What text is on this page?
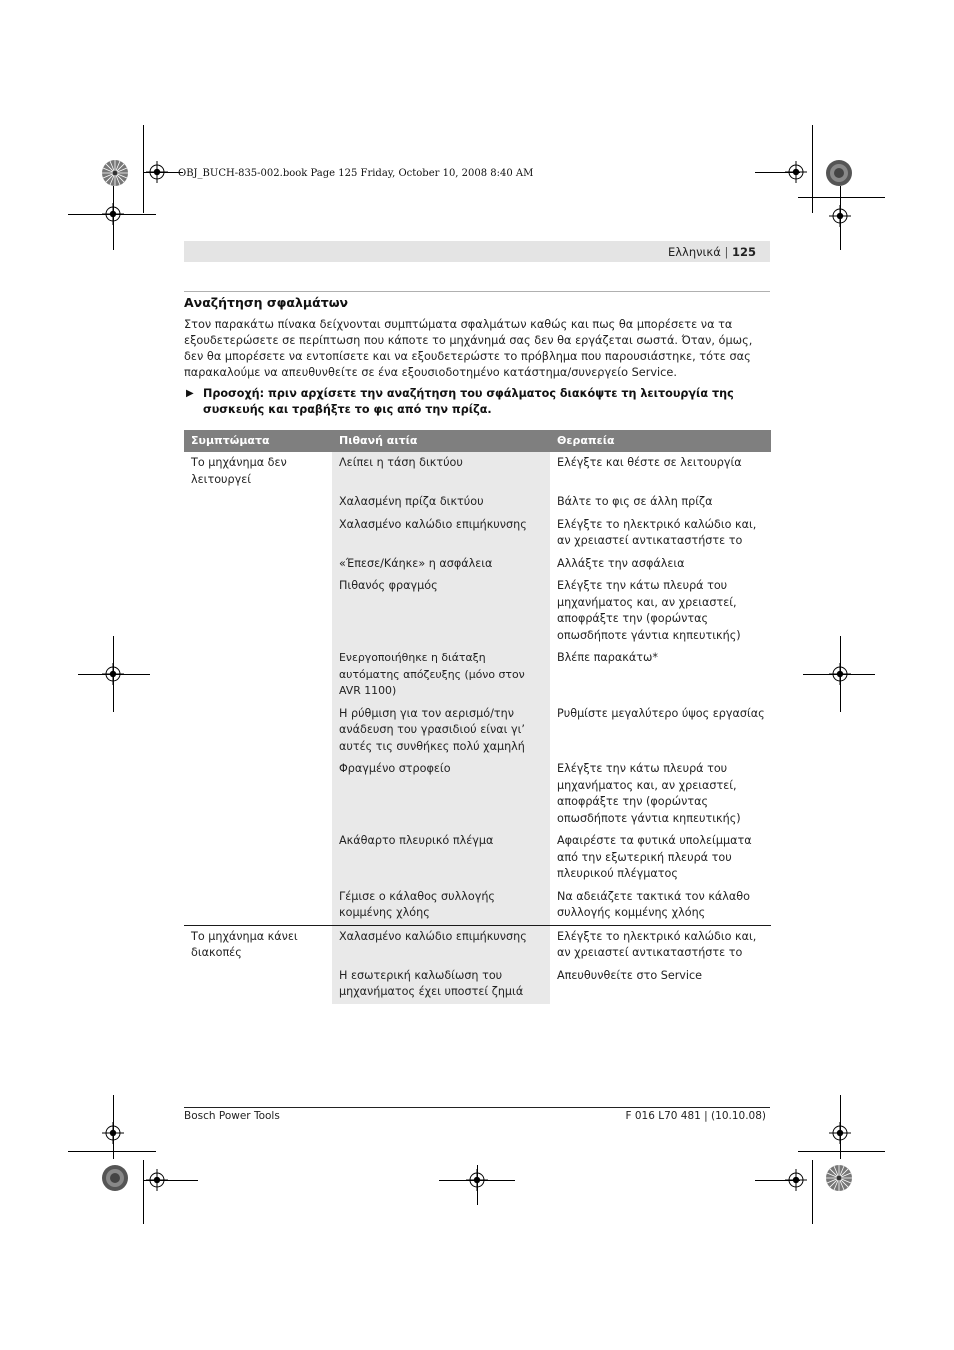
OBJ_BUCH-835-002.book Page 125 Friday, October 10, 2008 8:40 AM
Ελληνικά | 125
Αναζήτηση σφαλμάτων
Στον παρακάτω πίνακα δείχνονται συμπτώματα σφαλμάτων καθώς και πως θα μπορέσετε να τα εξουδετερώσετε σε περίπτωση που κάποτε το μηχάνημά σας δεν θα εργάζεται σωστά. Όταν, όμως, δεν θα μπορέσετε να εντοπίσετε και να εξουδετερώστε το πρόβλημα που παρουσιάστηκε, τότε σας παρακαλούμε να απευθυνθείτε σε ένα εξουσιοδοτημένο κατάστημα/συνεργείο Service.
▶ Προσοχή: πριν αρχίσετε την αναζήτηση του σφάλματος διακόψτε τη λειτουργία της συσκευής και τραβήξτε το φις από την πρίζα.
Συμπτώματα	Πιθανή αιτία	Θεραπεία
Το μηχάνημα δεν λειτουργεί	Λείπει η τάση δικτύου	Ελέγξτε και θέστε σε λειτουργία
	Χαλασμένη πρίζα δικτύου	Βάλτε το φις σε άλλη πρίζα
	Χαλασμένο καλώδιο επιμήκυνσης	Ελέγξτε το ηλεκτρικό καλώδιο και, αν χρειαστεί αντικαταστήστε το
	«Έπεσε/Κάηκε» η ασφάλεια	Αλλάξτε την ασφάλεια
	Πιθανός φραγμός	Ελέγξτε την κάτω πλευρά του μηχανήματος και, αν χρειαστεί, αποφράξτε την (φορώντας οπωσδήποτε γάντια κηπευτικής)
	Ενεργοποιήθηκε η διάταξη αυτόματης απόζευξης (μόνο στον AVR 1100)	Βλέπε παρακάτω*
	Η ρύθμιση για τον αερισμό/την ανάδευση του γρασιδιού είναι γι’ αυτές τις συνθήκες πολύ χαμηλή	Ρυθμίστε μεγαλύτερο ύψος εργασίας
	Φραγμένο στροφείο	Ελέγξτε την κάτω πλευρά του μηχανήματος και, αν χρειαστεί, αποφράξτε την (φορώντας οπωσδήποτε γάντια κηπευτικής)
	Ακάθαρτο πλευρικό πλέγμα	Αφαιρέστε τα φυτικά υπολείμματα από την εξωτερική πλευρά του πλευρικού πλέγματος
	Γέμισε ο κάλαθος συλλογής κομμένης χλόης	Να αδειάζετε τακτικά τον κάλαθο συλλογής κομμένης χλόης
Το μηχάνημα κάνει διακοπές	Χαλασμένο καλώδιο επιμήκυνσης	Ελέγξτε το ηλεκτρικό καλώδιο και, αν χρειαστεί αντικαταστήστε το
	Η εσωτερική καλωδίωση του μηχανήματος έχει υποστεί ζημιά	Απευθυνθείτε στο Service
Bosch Power Tools	F 016 L70 481 | (10.10.08)
